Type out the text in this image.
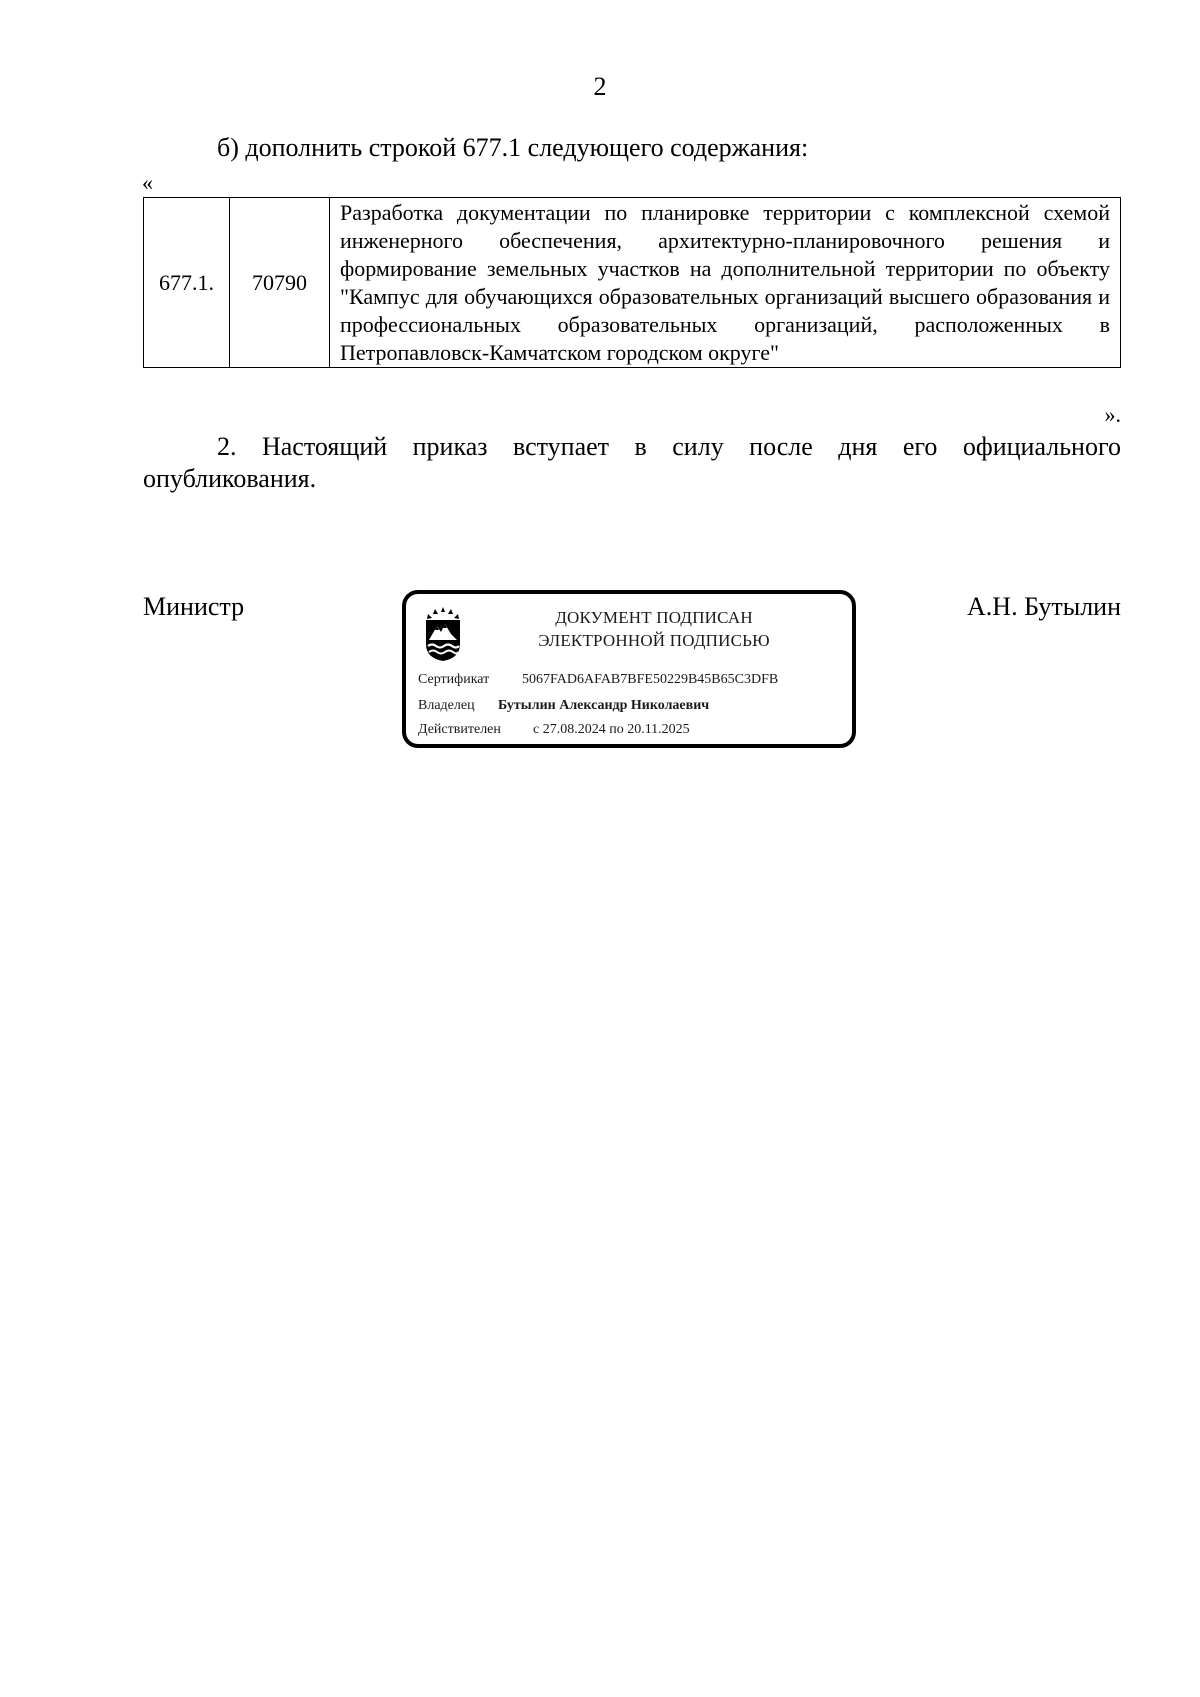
2
б) дополнить строкой 677.1 следующего содержания:
«
677.1.	70790	Разработка документации по планировке территории с комплексной схемой инженерного обеспечения, архитектурно-планировочного решения и формирование земельных участков на дополнительной территории по объекту "Кампус для обучающихся образовательных организаций высшего образования и профессиональных образовательных организаций, расположенных в Петропавловск-Камчатском городском округе"
».
2. Настоящий приказ вступает в силу после дня его официального опубликования.
Министр	ДОКУМЕНТ ПОДПИСАН
ЭЛЕКТРОННОЙ ПОДПИСЬЮ
Сертификат 5067FAD6AFAB7BFE50229B45B65C3DFB
Владелец Бутылин Александр Николаевич
Действителен с 27.08.2024 по 20.11.2025
А.Н. Бутылин
